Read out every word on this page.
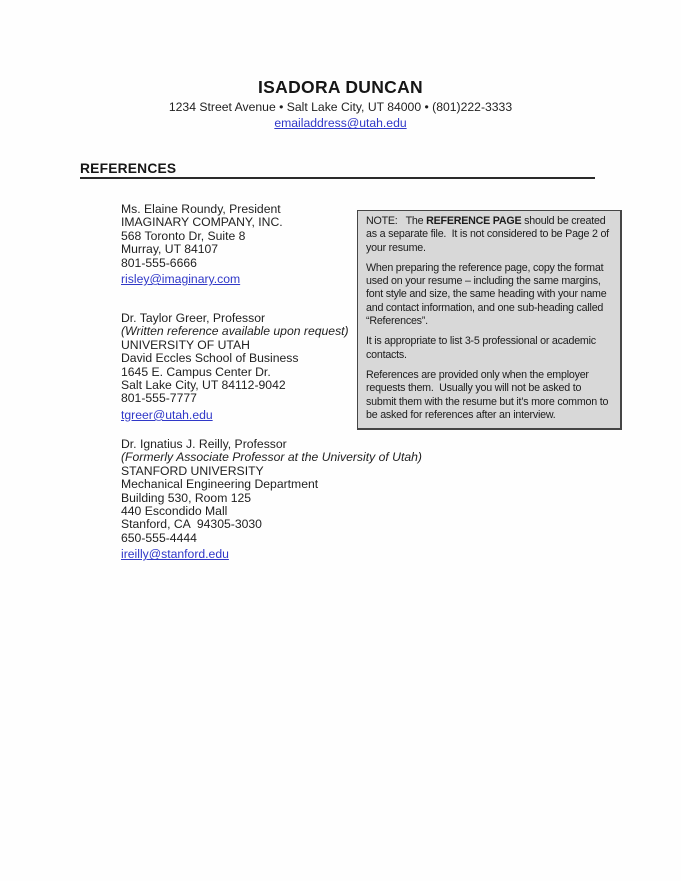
ISADORA DUNCAN
1234 Street Avenue • Salt Lake City, UT 84000 • (801)222-3333
emailaddress@utah.edu
REFERENCES
Ms. Elaine Roundy, President
IMAGINARY COMPANY, INC.
568 Toronto Dr, Suite 8
Murray, UT 84107
801-555-6666
risley@imaginary.com

Dr. Taylor Greer, Professor
(Written reference available upon request)
UNIVERSITY OF UTAH
David Eccles School of Business
1645 E. Campus Center Dr.
Salt Lake City, UT 84112-9042
801-555-7777
tgreer@utah.edu

Dr. Ignatius J. Reilly, Professor
(Formerly Associate Professor at the University of Utah)
STANFORD UNIVERSITY
Mechanical Engineering Department
Building 530, Room 125
440 Escondido Mall
Stanford, CA  94305-3030
650-555-4444
ireilly@stanford.edu

NOTE:   The REFERENCE PAGE should be created as a separate file.  It is not considered to be Page 2 of your resume.

When preparing the reference page, copy the format used on your resume – including the same margins, font style and size, the same heading with your name and contact information, and one sub-heading called “References”.

It is appropriate to list 3-5 professional or academic contacts.

References are provided only when the employer requests them.  Usually you will not be asked to submit them with the resume but it’s more common to be asked for references after an interview.
